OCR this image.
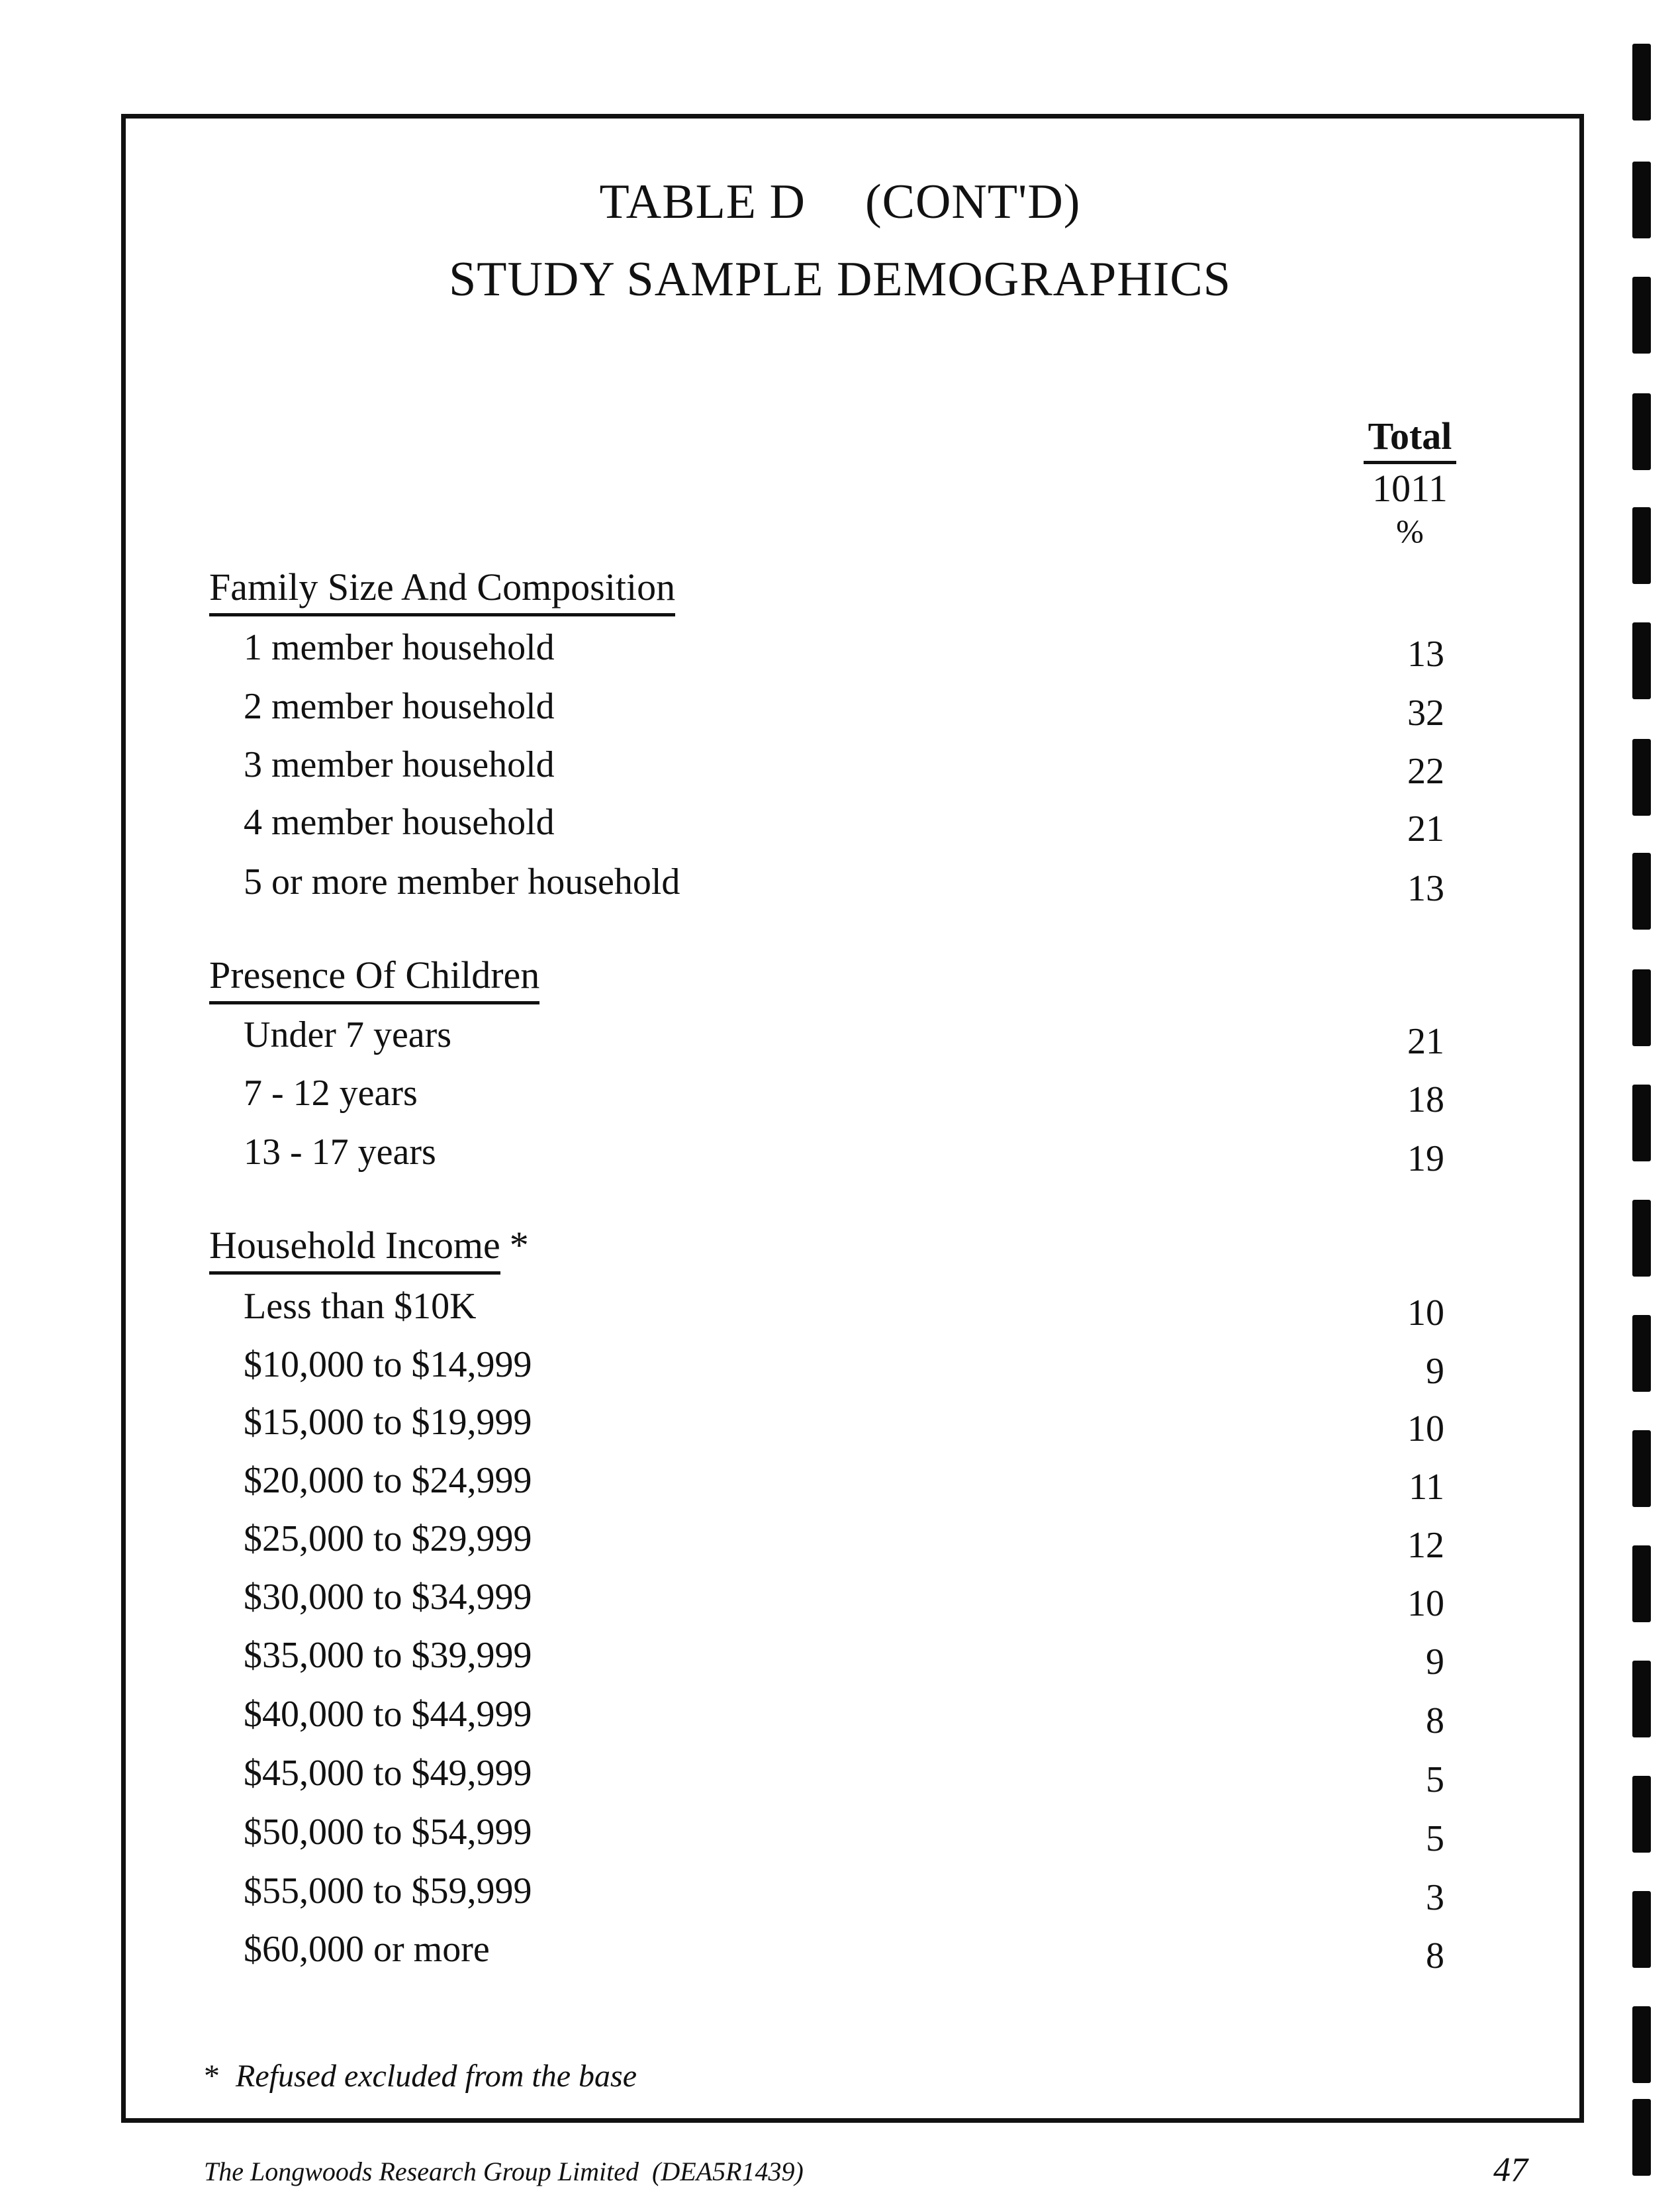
TABLE D (CONT'D)
STUDY SAMPLE DEMOGRAPHICS
Total
1011
%
Family Size And Composition
1 member household	13
2 member household	32
3 member household	22
4 member household	21
5 or more member household	13
Presence Of Children
Under 7 years	21
7 - 12 years	18
13 - 17 years	19
Household Income *
Less than $10K	10
$10,000 to $14,999	9
$15,000 to $19,999	10
$20,000 to $24,999	11
$25,000 to $29,999	12
$30,000 to $34,999	10
$35,000 to $39,999	9
$40,000 to $44,999	8
$45,000 to $49,999	5
$50,000 to $54,999	5
$55,000 to $59,999	3
$60,000 or more	8
* Refused excluded from the base
The Longwoods Research Group Limited (DEA5R1439)	47
